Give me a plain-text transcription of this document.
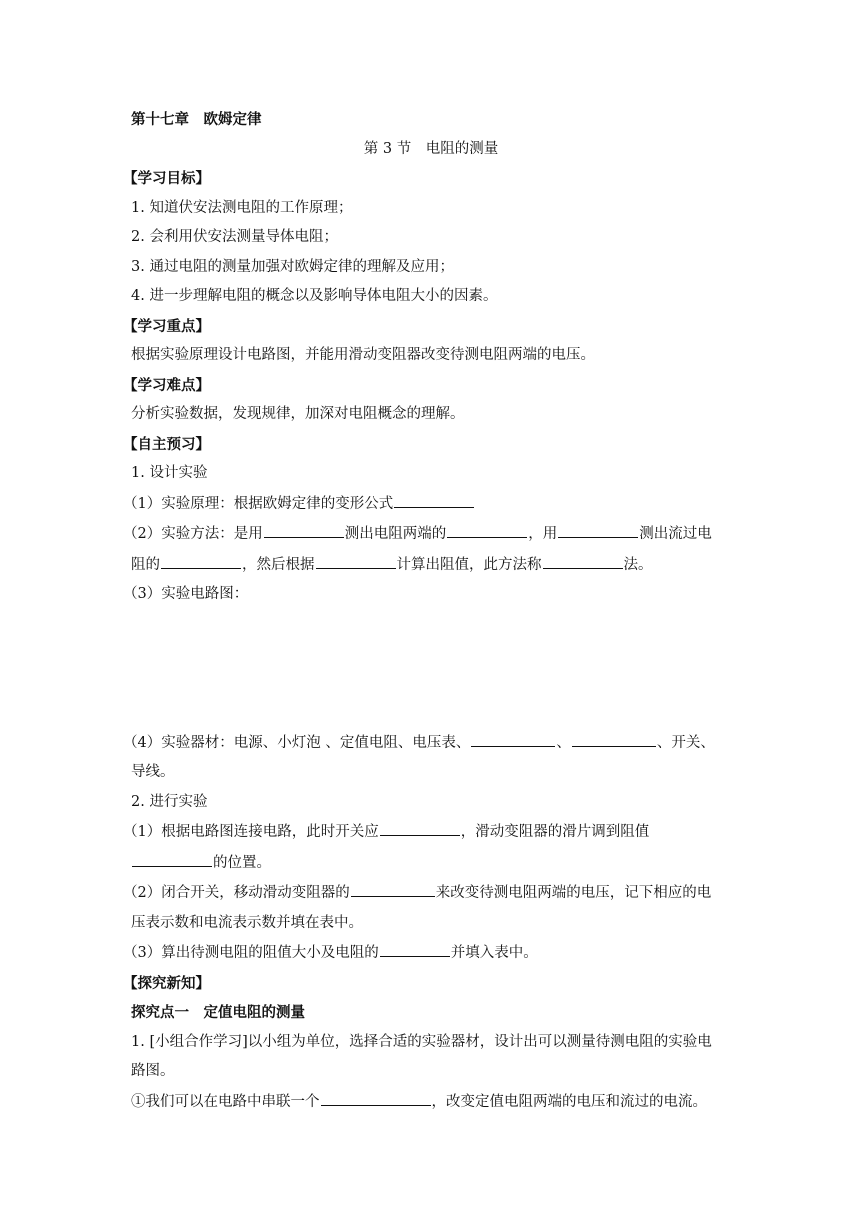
第十七章　欧姆定律
第 3 节　电阻的测量
【学习目标】
1. 知道伏安法测电阻的工作原理；
2. 会利用伏安法测量导体电阻；
3. 通过电阻的测量加强对欧姆定律的理解及应用；
4. 进一步理解电阻的概念以及影响导体电阻大小的因素。
【学习重点】
根据实验原理设计电路图，并能用滑动变阻器改变待测电阻两端的电压。
【学习难点】
分析实验数据，发现规律，加深对电阻概念的理解。
【自主预习】
1. 设计实验
（1）实验原理：根据欧姆定律的变形公式
（2）实验方法：是用	测出电阻两端的	，用	测出流过电
阻的	，然后根据	计算出阻值，此方法称	法。
（3）实验电路图：
（4）实验器材：电源、小灯泡 、定值电阻、电压表、	、	、开关、
导线。
2. 进行实验
（1）根据电路图连接电路，此时开关应	，滑动变阻器的滑片调到阻值
的位置。
（2）闭合开关，移动滑动变阻器的	来改变待测电阻两端的电压，记下相应的电
压表示数和电流表示数并填在表中。
（3）算出待测电阻的阻值大小及电阻的	并填入表中。
【探究新知】
探究点一　定值电阻的测量
1. [小组合作学习]以小组为单位，选择合适的实验器材，设计出可以测量待测电阻的实验电
路图。
①我们可以在电路中串联一个	，改变定值电阻两端的电压和流过的电流。
